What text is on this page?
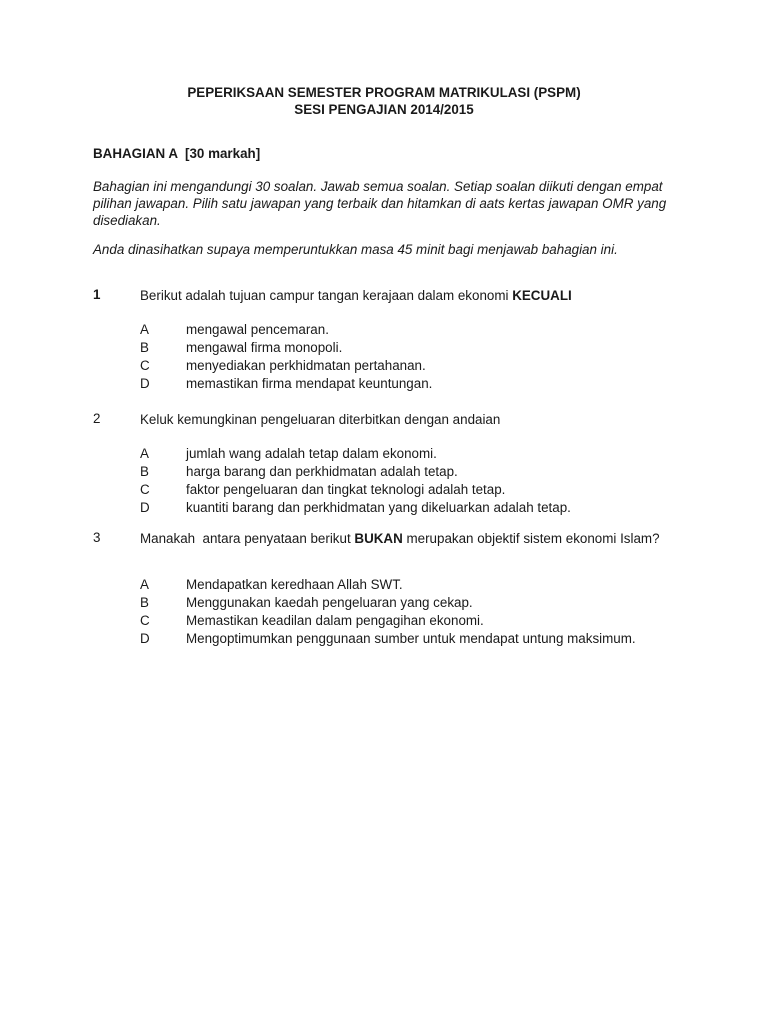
PEPERIKSAAN SEMESTER PROGRAM MATRIKULASI (PSPM)
SESI PENGAJIAN 2014/2015
BAHAGIAN A  [30 markah]
Bahagian ini mengandungi 30 soalan. Jawab semua soalan. Setiap soalan diikuti dengan empat pilihan jawapan. Pilih satu jawapan yang terbaik dan hitamkan di aats kertas jawapan OMR yang disediakan.
Anda dinasihatkan supaya memperuntukkan masa 45 minit bagi menjawab bahagian ini.
1	Berikut adalah tujuan campur tangan kerajaan dalam ekonomi KECUALI
A	mengawal pencemaran.
B	mengawal firma monopoli.
C	menyediakan perkhidmatan pertahanan.
D	memastikan firma mendapat keuntungan.
2	Keluk kemungkinan pengeluaran diterbitkan dengan andaian
A	jumlah wang adalah tetap dalam ekonomi.
B	harga barang dan perkhidmatan adalah tetap.
C	faktor pengeluaran dan tingkat teknologi adalah tetap.
D	kuantiti barang dan perkhidmatan yang dikeluarkan adalah tetap.
3	Manakah  antara penyataan berikut BUKAN merupakan objektif sistem ekonomi Islam?
A	Mendapatkan keredhaan Allah SWT.
B	Menggunakan kaedah pengeluaran yang cekap.
C	Memastikan keadilan dalam pengagihan ekonomi.
D	Mengoptimumkan penggunaan sumber untuk mendapat untung maksimum.
